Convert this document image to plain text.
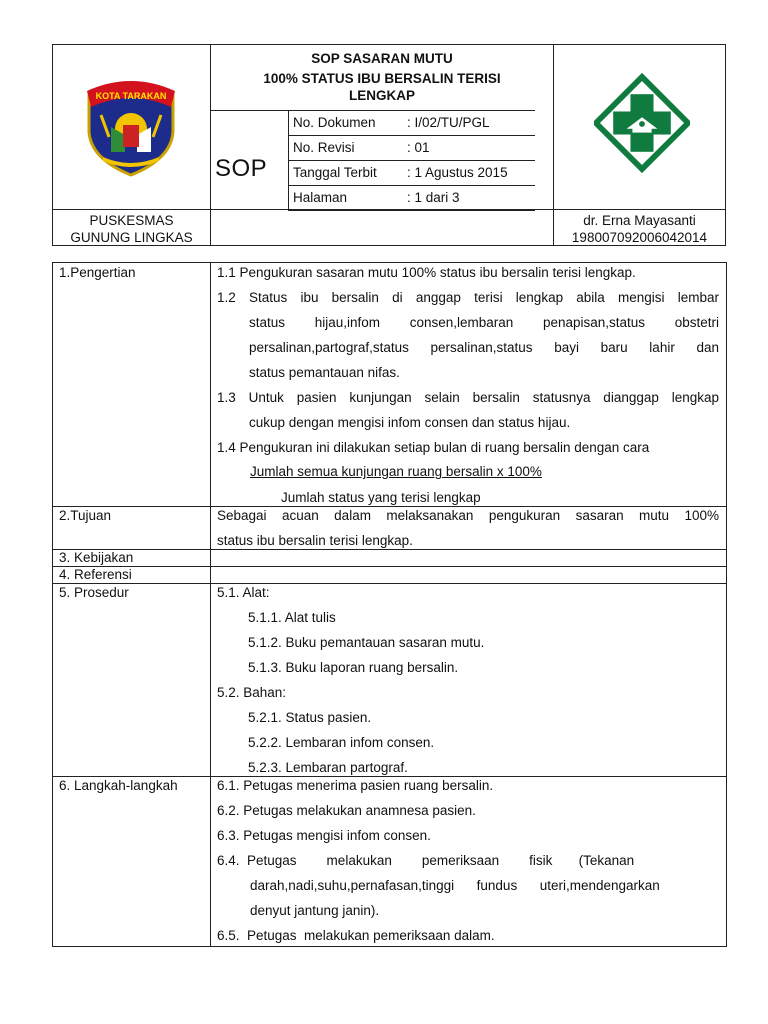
KOTA TARAKAN
PUSKESMAS
GUNUNG LINGKAS
SOP SASARAN MUTU
100% STATUS IBU BERSALIN TERISI
LENGKAP
SOP
No. Dokumen : I/02/TU/PGL
No. Revisi	: 01
Tanggal Terbit : 1 Agustus 2015
Halaman	: 1 dari 3
dr. Erna Mayasanti
198007092006042014
1.Pengertian	1.1 Pengukuran sasaran mutu 100% status ibu bersalin terisi lengkap.
1.2 Status ibu bersalin di anggap terisi lengkap abila mengisi lembar
status hijau,infom consen,lembaran penapisan,status obstetri
persalinan,partograf,status persalinan,status bayi baru lahir dan
status pemantauan nifas.
1.3 Untuk pasien kunjungan selain bersalin statusnya dianggap lengkap
cukup dengan mengisi infom consen dan status hijau.
1.4 Pengukuran ini dilakukan setiap bulan di ruang bersalin dengan cara
Jumlah semua kunjungan ruang bersalin x 100%
Jumlah status yang terisi lengkap
2.Tujuan	Sebagai acuan dalam melaksanakan pengukuran sasaran mutu 100%
status ibu bersalin terisi lengkap.
3. Kebijakan
4. Referensi
5. Prosedur	5.1. Alat:
5.1.1. Alat tulis
5.1.2. Buku pemantauan sasaran mutu.
5.1.3. Buku laporan ruang bersalin.
5.2. Bahan:
5.2.1. Status pasien.
5.2.2. Lembaran infom consen.
5.2.3. Lembaran partograf.
6. Langkah-langkah	6.1. Petugas menerima pasien ruang bersalin.
6.2. Petugas melakukan anamnesa pasien.
6.3. Petugas mengisi infom consen.
6.4.  Petugas        melakukan        pemeriksaan        fisik       (Tekanan
darah,nadi,suhu,pernafasan,tinggi      fundus      uteri,mendengarkan
denyut jantung janin).
6.5.  Petugas  melakukan pemeriksaan dalam.
